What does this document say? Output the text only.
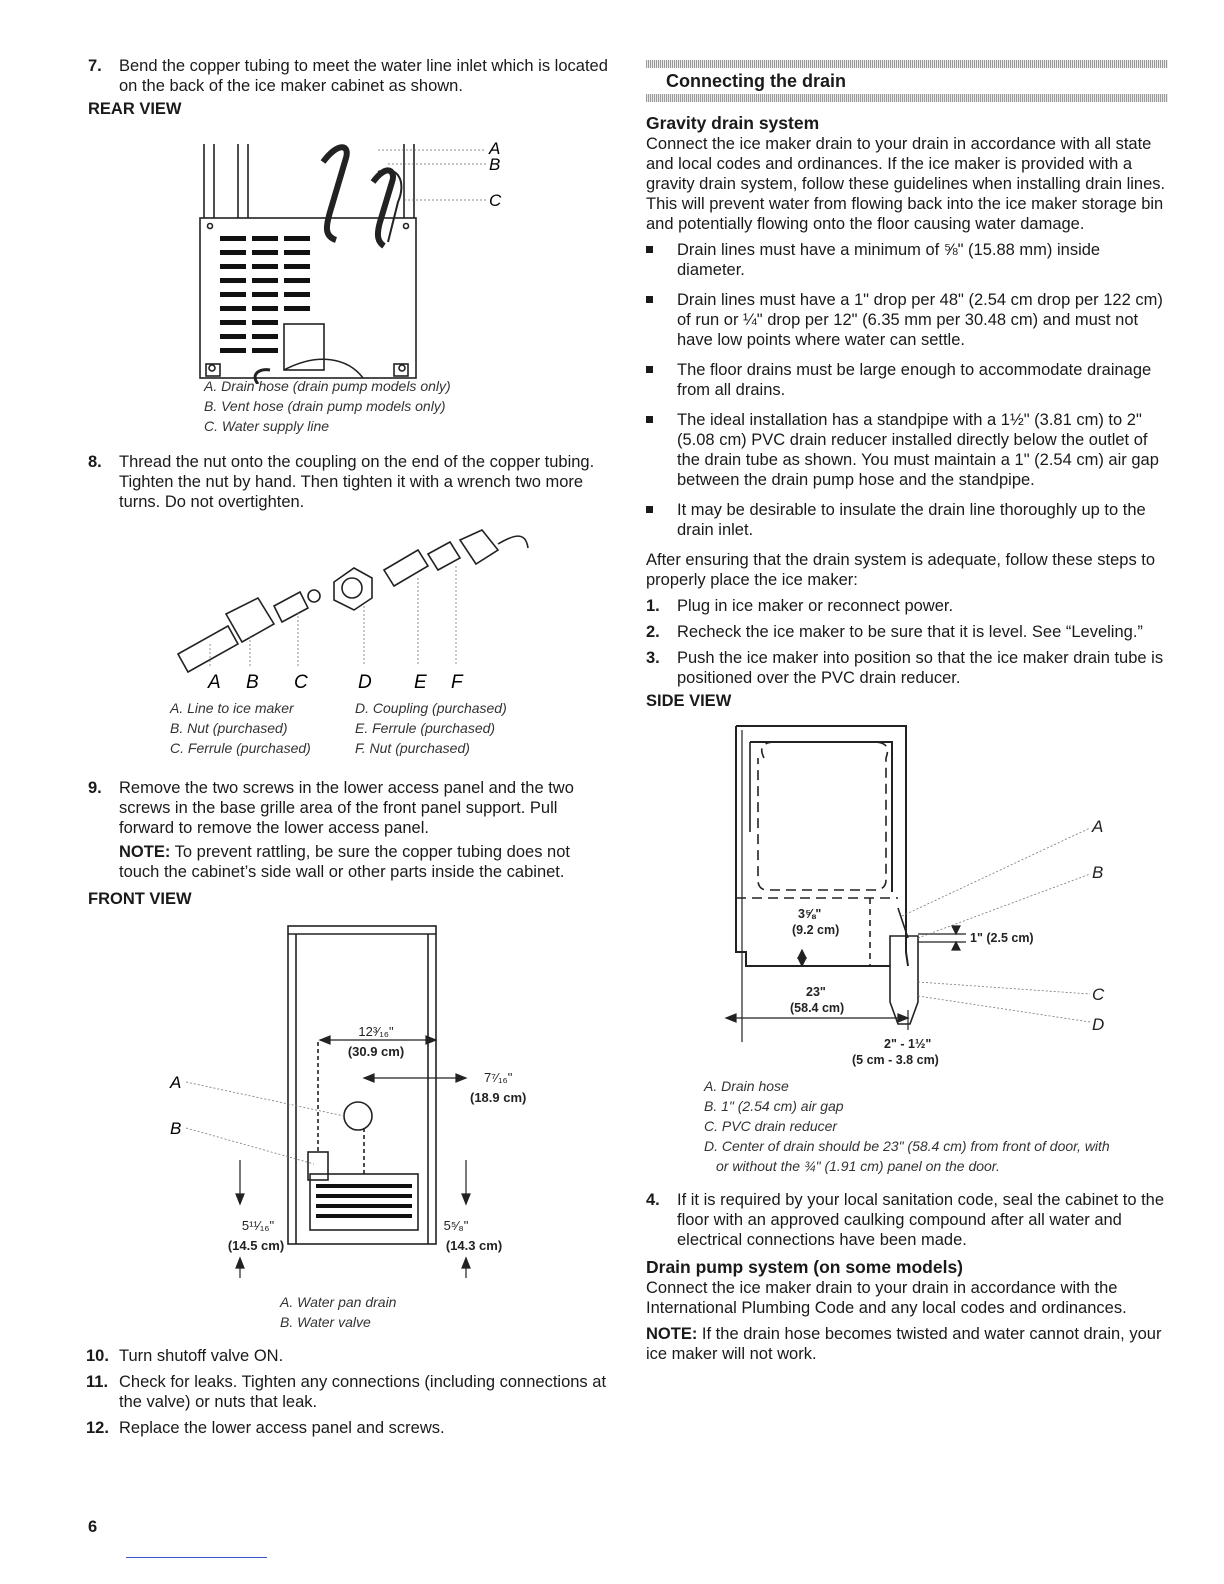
7. Bend the copper tubing to meet the water line inlet which is located on the back of the ice maker cabinet as shown.
REAR VIEW
A
B
C
A. Drain hose (drain pump models only)
B. Vent hose (drain pump models only)
C. Water supply line
8. Thread the nut onto the coupling on the end of the copper tubing. Tighten the nut by hand. Then tighten it with a wrench two more turns. Do not overtighten.
A B C	D E F
A. Line to ice maker	D. Coupling (purchased)
B. Nut (purchased)	E. Ferrule (purchased)
C. Ferrule (purchased)	F. Nut (purchased)
9. Remove the two screws in the lower access panel and the two screws in the base grille area of the front panel support. Pull forward to remove the lower access panel.
NOTE: To prevent rattling, be sure the copper tubing does not touch the cabinet’s side wall or other parts inside the cabinet.
FRONT VIEW
12³⁄₁₆"
(30.9 cm)
7⁷⁄₁₆"
(18.9 cm)
5¹¹⁄₁₆"
(14.5 cm)
5⁵⁄₈"
(14.3 cm)
A
B
A. Water pan drain
B. Water valve
10. Turn shutoff valve ON.
11. Check for leaks. Tighten any connections (including connections at the valve) or nuts that leak.
12. Replace the lower access panel and screws.
Connecting the drain
Gravity drain system

Connect the ice maker drain to your drain in accordance with all state and local codes and ordinances. If the ice maker is provided with a gravity drain system, follow these guidelines when installing drain lines. This will prevent water from flowing back into the ice maker storage bin and potentially flowing onto the floor causing water damage.

Drain lines must have a minimum of ⅝" (15.88 mm) inside diameter.
Drain lines must have a 1" drop per 48" (2.54 cm drop per 122 cm) of run or ¼" drop per 12" (6.35 mm per 30.48 cm) and must not have low points where water can settle.
The floor drains must be large enough to accommodate drainage from all drains.
The ideal installation has a standpipe with a 1½" (3.81 cm) to 2" (5.08 cm) PVC drain reducer installed directly below the outlet of the drain tube as shown. You must maintain a 1" (2.54 cm) air gap between the drain pump hose and the standpipe.
It may be desirable to insulate the drain line thoroughly up to the drain inlet.

After ensuring that the drain system is adequate, follow these steps to properly place the ice maker:

1. Plug in ice maker or reconnect power.
2. Recheck the ice maker to be sure that it is level. See “Leveling.”
3. Push the ice maker into position so that the ice maker drain tube is positioned over the PVC drain reducer.
SIDE VIEW
3⅝"
(9.2 cm)
1" (2.5 cm)
23"
(58.4 cm)
2" - 1½"
(5 cm - 3.8 cm)
A
B
C
D
A. Drain hose
B. 1" (2.54 cm) air gap
C. PVC drain reducer
D. Center of drain should be 23" (58.4 cm) from front of door, with or without the ¾" (1.91 cm) panel on the door.
4. If it is required by your local sanitation code, seal the cabinet to the floor with an approved caulking compound after all water and electrical connections have been made.
Drain pump system (on some models)

Connect the ice maker drain to your drain in accordance with the International Plumbing Code and any local codes and ordinances.

NOTE: If the drain hose becomes twisted and water cannot drain, your ice maker will not work.
6
